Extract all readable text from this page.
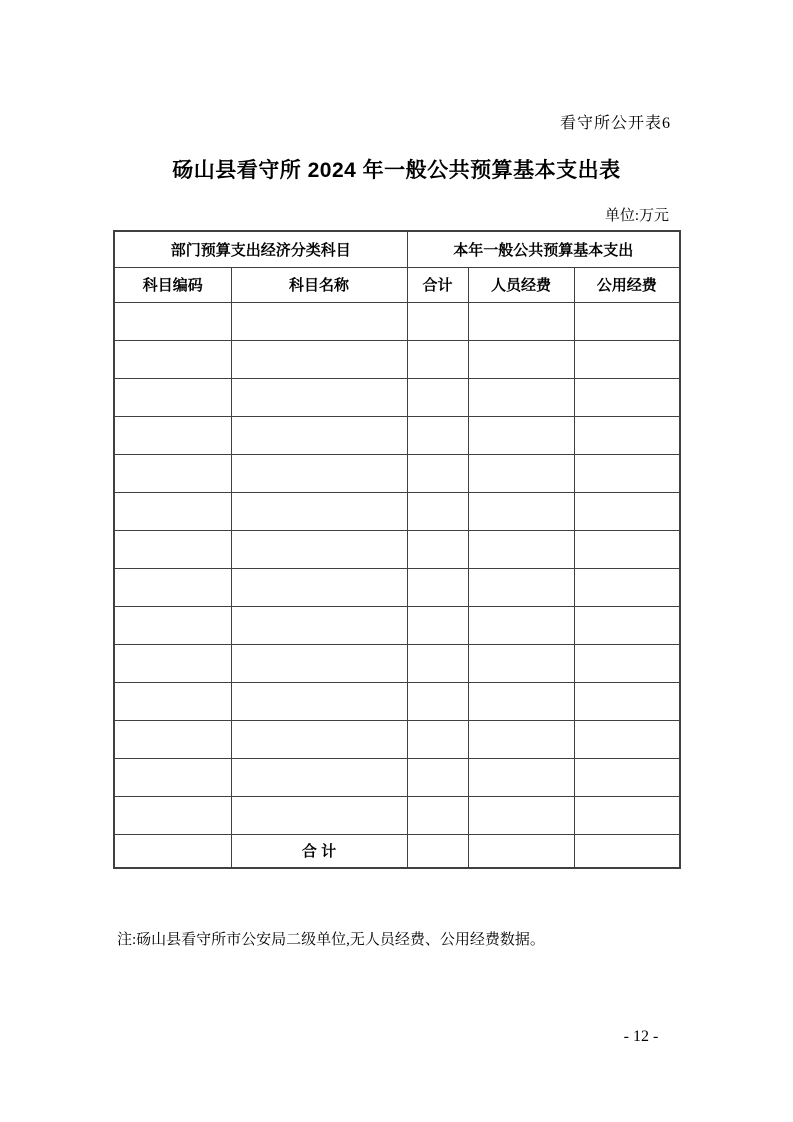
看守所公开表6
砀山县看守所 2024 年一般公共预算基本支出表
单位:万元
部门预算支出经济分类科目		本年一般公共预算基本支出		
科目编码	科目名称	合计	人员经费	公用经费

	合 计			
注:砀山县看守所市公安局二级单位,无人员经费、公用经费数据。
- 12 -
